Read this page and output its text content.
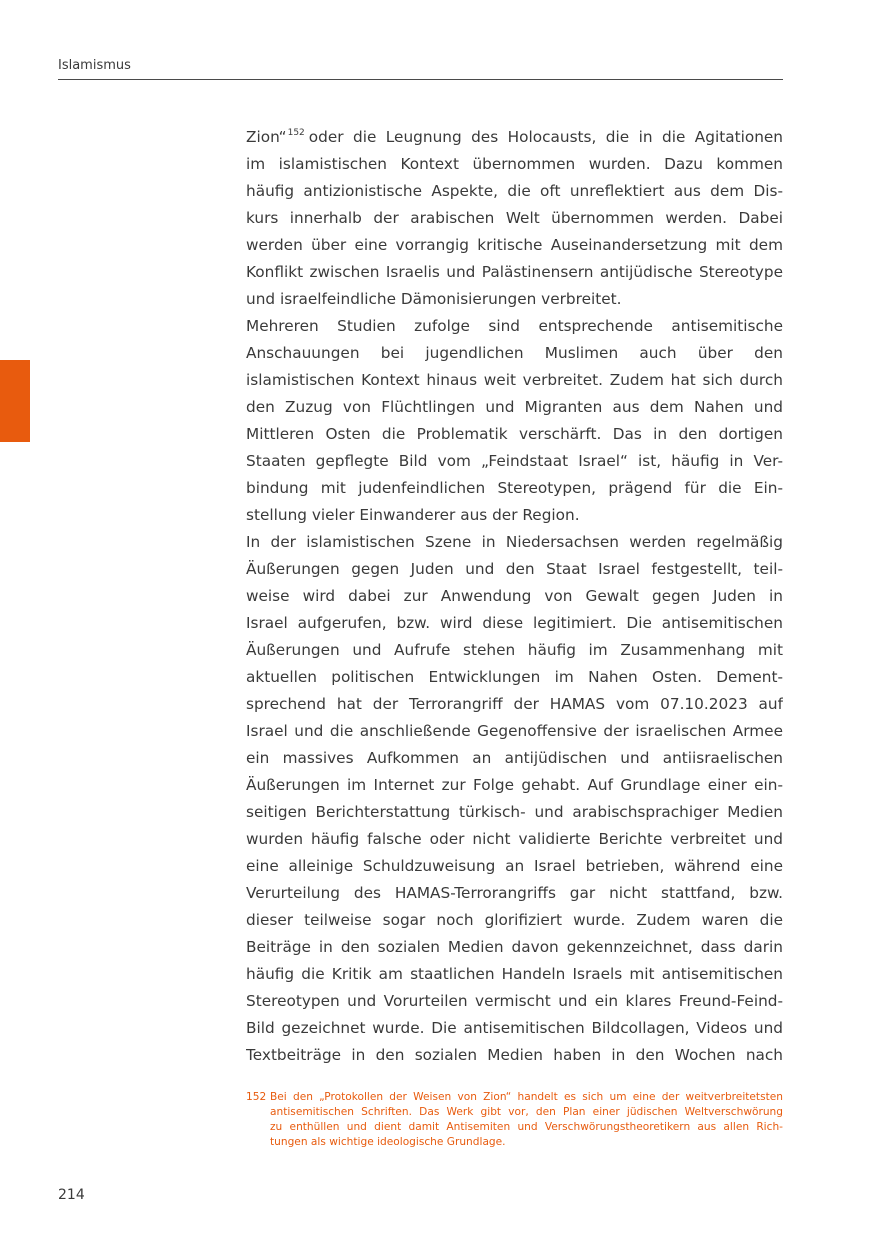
Islamismus
Zion“$^{152}$ oder die Leugnung des Holocausts, die in die Agitationen
im islamistischen Kontext übernommen wurden. Dazu kommen
häufig antizionistische Aspekte, die oft unreflektiert aus dem Dis-
kurs innerhalb der arabischen Welt übernommen werden. Dabei
werden über eine vorrangig kritische Auseinandersetzung mit dem
Konflikt zwischen Israelis und Palästinensern antijüdische Stereotype
und israelfeindliche Dämonisierungen verbreitet.
Mehreren Studien zufolge sind entsprechende antisemitische
Anschauungen bei jugendlichen Muslimen auch über den
islamistischen Kontext hinaus weit verbreitet. Zudem hat sich durch
den Zuzug von Flüchtlingen und Migranten aus dem Nahen und
Mittleren Osten die Problematik verschärft. Das in den dortigen
Staaten gepflegte Bild vom „Feindstaat Israel“ ist, häufig in Ver-
bindung mit judenfeindlichen Stereotypen, prägend für die Ein-
stellung vieler Einwanderer aus der Region.
In der islamistischen Szene in Niedersachsen werden regelmäßig
Äußerungen gegen Juden und den Staat Israel festgestellt, teil-
weise wird dabei zur Anwendung von Gewalt gegen Juden in
Israel aufgerufen, bzw. wird diese legitimiert. Die antisemitischen
Äußerungen und Aufrufe stehen häufig im Zusammenhang mit
aktuellen politischen Entwicklungen im Nahen Osten. Dement-
sprechend hat der Terrorangriff der HAMAS vom 07.10.2023 auf
Israel und die anschließende Gegenoffensive der israelischen Armee
ein massives Aufkommen an antijüdischen und antiisraelischen
Äußerungen im Internet zur Folge gehabt. Auf Grundlage einer ein-
seitigen Berichterstattung türkisch- und arabischsprachiger Medien
wurden häufig falsche oder nicht validierte Berichte verbreitet und
eine alleinige Schuldzuweisung an Israel betrieben, während eine
Verurteilung des HAMAS-Terrorangriffs gar nicht stattfand, bzw.
dieser teilweise sogar noch glorifiziert wurde. Zudem waren die
Beiträge in den sozialen Medien davon gekennzeichnet, dass darin
häufig die Kritik am staatlichen Handeln Israels mit antisemitischen
Stereotypen und Vorurteilen vermischt und ein klares Freund-Feind-
Bild gezeichnet wurde. Die antisemitischen Bildcollagen, Videos und
Textbeiträge in den sozialen Medien haben in den Wochen nach
152 Bei den „Protokollen der Weisen von Zion“ handelt es sich um eine der weitverbreitetsten
antisemitischen Schriften. Das Werk gibt vor, den Plan einer jüdischen Weltverschwörung
zu enthüllen und dient damit Antisemiten und Verschwörungstheoretikern aus allen Rich-
tungen als wichtige ideologische Grundlage.
214
